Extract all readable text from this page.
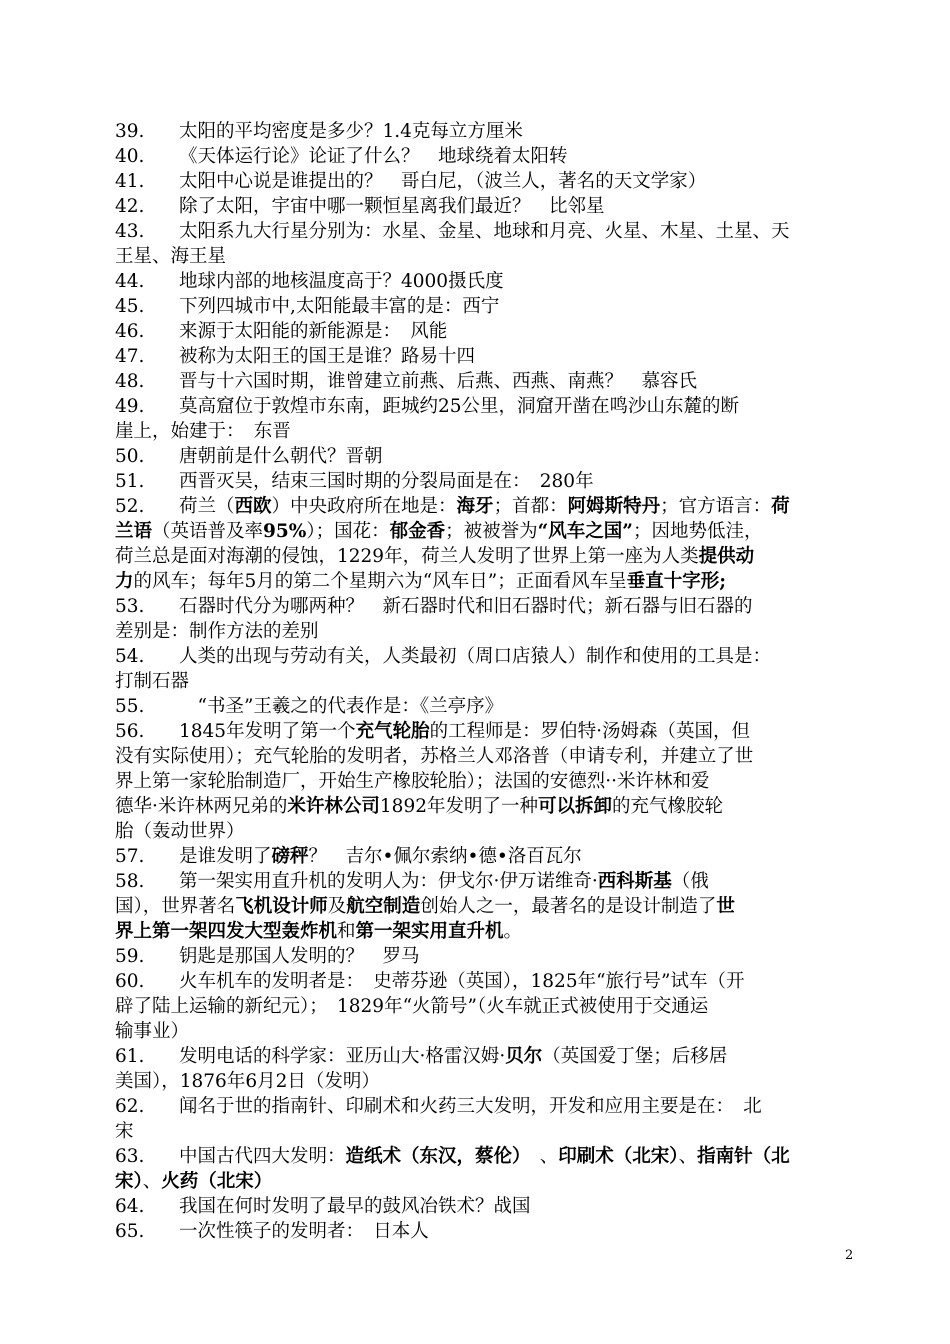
39. 太阳的平均密度是多少？1.4克每立方厘米
40. 《天体运行论》论证了什么？　地球绕着太阳转
41. 太阳中心说是谁提出的？　哥白尼，（波兰人，著名的天文学家）
42. 除了太阳，宇宙中哪一颗恒星离我们最近？　比邻星
43. 太阳系九大行星分别为：水星、金星、地球和月亮、火星、木星、土星、天
王星、海王星
44. 地球内部的地核温度高于？4000摄氏度
45. 下列四城市中,太阳能最丰富的是：西宁
46. 来源于太阳能的新能源是：　风能
47. 被称为太阳王的国王是谁？路易十四
48. 晋与十六国时期，谁曾建立前燕、后燕、西燕、南燕？　慕容氏
49. 莫高窟位于敦煌市东南，距城约25公里，洞窟开凿在鸣沙山东麓的断
崖上，始建于：　东晋
50. 唐朝前是什么朝代？晋朝
51. 西晋灭吴，结束三国时期的分裂局面是在：　280年
52. 荷兰（西欧）中央政府所在地是：海牙；首都：阿姆斯特丹；官方语言：荷
兰语（英语普及率95%）；国花：郁金香；被被誉为“风车之国”；因地势低洼，
荷兰总是面对海潮的侵蚀，1229年，荷兰人发明了世界上第一座为人类提供动
力的风车；每年5月的第二个星期六为“风车日”；正面看风车呈垂直十字形;
53. 石器时代分为哪两种？　新石器时代和旧石器时代；新石器与旧石器的
差别是：制作方法的差别
54. 人类的出现与劳动有关，人类最初（周口店猿人）制作和使用的工具是：
打制石器
55.　“书圣”王羲之的代表作是：《兰亭序》
56. 1845年发明了第一个充气轮胎的工程师是：罗伯特·汤姆森（英国，但
没有实际使用）；充气轮胎的发明者，苏格兰人邓洛普（申请专利，并建立了世
界上第一家轮胎制造厂，开始生产橡胶轮胎）；法国的安德烈··米许林和爱
德华·米许林两兄弟的米许林公司1892年发明了一种可以拆卸的充气橡胶轮
胎（轰动世界）
57. 是谁发明了磅秤？　吉尔•佩尔索纳•德•洛百瓦尔
58. 第一架实用直升机的发明人为：伊戈尔·伊万诺维奇·西科斯基（俄
国），世界著名飞机设计师及航空制造创始人之一，最著名的是设计制造了世
界上第一架四发大型轰炸机和第一架实用直升机。
59. 钥匙是那国人发明的？　罗马
60. 火车机车的发明者是：　史蒂芬逊（英国），1825年“旅行号”试车（开
辟了陆上运输的新纪元）；　1829年“火箭号”（火车就正式被使用于交通运
输事业）
61. 发明电话的科学家：亚历山大·格雷汉姆·贝尔（英国爱丁堡；后移居
美国），1876年6月2日（发明）
62. 闻名于世的指南针、印刷术和火药三大发明，开发和应用主要是在：　北
宋
63. 中国古代四大发明：造纸术（东汉，蔡伦）　、印刷术（北宋）、指南针（北
宋）、火药（北宋）
64. 我国在何时发明了最早的鼓风冶铁术？战国
65. 一次性筷子的发明者：　日本人
2
